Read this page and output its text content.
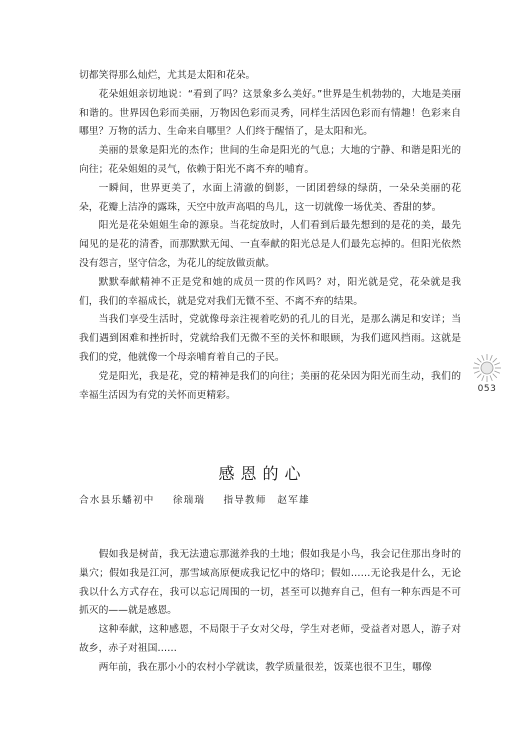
切都笑得那么灿烂，尤其是太阳和花朵。

花朵姐姐亲切地说：“看到了吗？这景象多么美好。”世界是生机勃勃的，大地是美丽和谐的。世界因色彩而美丽，万物因色彩而灵秀，同样生活因色彩而有情趣！色彩来自哪里？万物的活力、生命来自哪里？人们终于醒悟了，是太阳和光。

美丽的景象是阳光的杰作；世间的生命是阳光的气息；大地的宁静、和谐是阳光的向往；花朵姐姐的灵气，依赖于阳光不离不弃的哺育。

一瞬间，世界更美了，水面上清澈的倒影，一团团碧绿的绿荫，一朵朵美丽的花朵，花瓣上洁净的露珠，天空中放声高唱的鸟儿，这一切就像一场优美、香甜的梦。

阳光是花朵姐姐生命的源泉。当花绽放时，人们看到后最先想到的是花的美，最先闻见的是花的清香，而那默默无闻、一直奉献的阳光总是人们最先忘掉的。但阳光依然没有怨言，坚守信念，为花儿的绽放做贡献。

默默奉献精神不正是党和她的成员一贯的作风吗？对，阳光就是党，花朵就是我们，我们的幸福成长，就是党对我们无微不至、不离不弃的结果。

当我们享受生活时，党就像母亲注视着吃奶的孔儿的目光，是那么满足和安详；当我们遇到困难和挫折时，党就给我们无微不至的关怀和眼顾，为我们遮风挡雨。这就是我们的党，他就像一个母亲哺育着自己的子民。

党是阳光，我是花，党的精神是我们的向往；美丽的花朵因为阳光而生动，我们的幸福生活因为有党的关怀而更精彩。

053
感恩的心

合水县乐蟠初中 徐瑞瑞 指导教师　赵军雄

假如我是树苗，我无法遗忘那滋养我的土地；假如我是小鸟，我会记住那出身时的巢穴；假如我是江河，那雪域高原便成我记忆中的烙印；假如……无论我是什么，无论我以什么方式存在，我可以忘记周围的一切，甚至可以抛弃自己，但有一种东西是不可抓灭的——就是感恩。

这种奉献，这种感恩，不局限于子女对父母，学生对老师，受益者对恩人，游子对故乡，赤子对祖国……

两年前，我在那小小的农村小学就读，教学质量很差，饭菜也很不卫生，哪像
